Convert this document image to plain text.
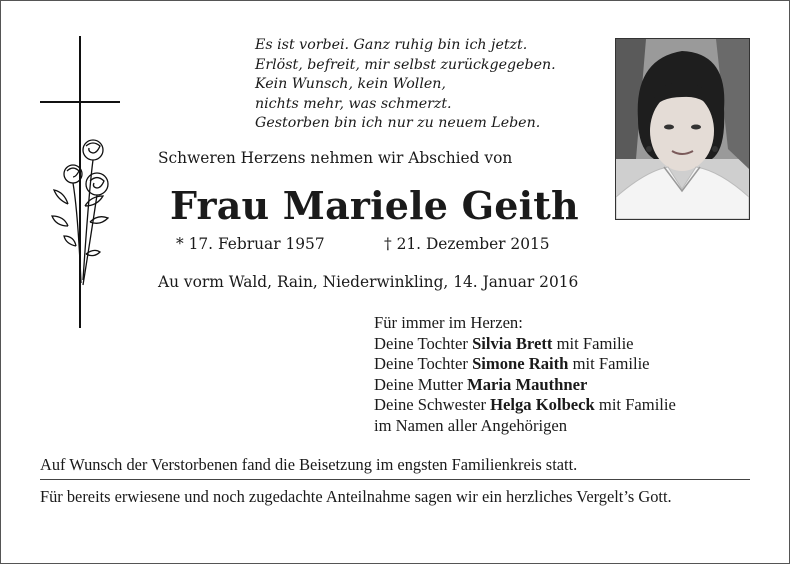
Es ist vorbei. Ganz ruhig bin ich jetzt.
Erlöst, befreit, mir selbst zurückgegeben.
Kein Wunsch, kein Wollen,
nichts mehr, was schmerzt.
Gestorben bin ich nur zu neuem Leben.
Schweren Herzens nehmen wir Abschied von
Frau Mariele Geith
* 17. Februar 1957	† 21. Dezember 2015
Au vorm Wald, Rain, Niederwinkling, 14. Januar 2016
Für immer im Herzen:
Deine Tochter Silvia Brett mit Familie
Deine Tochter Simone Raith mit Familie
Deine Mutter Maria Mauthner
Deine Schwester Helga Kolbeck mit Familie
im Namen aller Angehörigen
Auf Wunsch der Verstorbenen fand die Beisetzung im engsten Familienkreis statt.
Für bereits erwiesene und noch zugedachte Anteilnahme sagen wir ein herzliches Vergelt’s Gott.
